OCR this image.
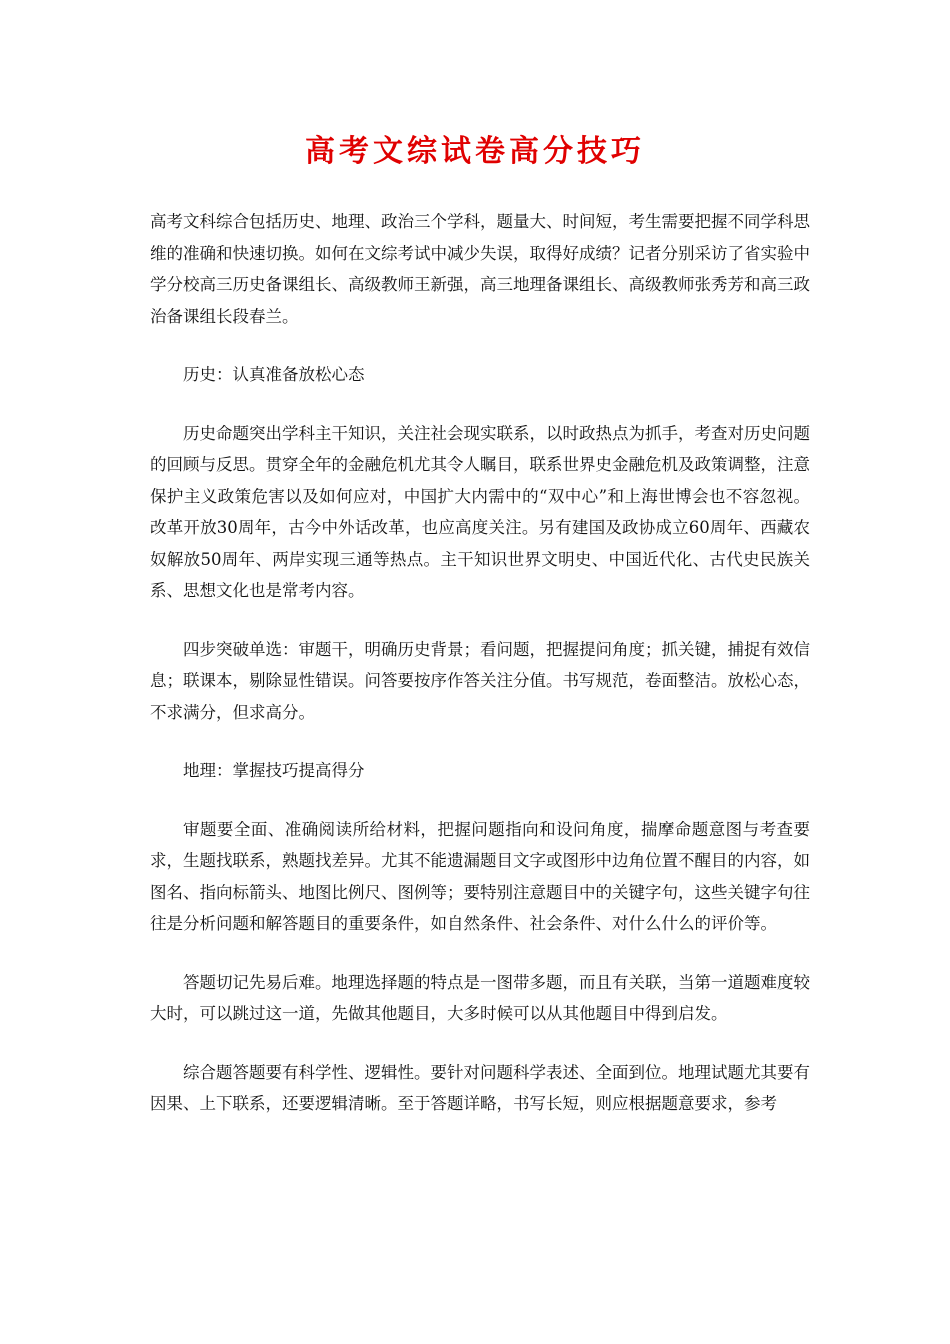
高考文综试卷高分技巧

高考文科综合包括历史、地理、政治三个学科，题量大、时间短，考生需要把握不同学科思维的准确和快速切换。如何在文综考试中减少失误，取得好成绩？记者分别采访了省实验中学分校高三历史备课组长、高级教师王新强，高三地理备课组长、高级教师张秀芳和高三政治备课组长段春兰。

历史：认真准备放松心态

历史命题突出学科主干知识，关注社会现实联系，以时政热点为抓手，考查对历史问题的回顾与反思。贯穿全年的金融危机尤其令人瞩目，联系世界史金融危机及政策调整，注意保护主义政策危害以及如何应对，中国扩大内需中的“双中心”和上海世博会也不容忽视。改革开放30周年，古今中外话改革，也应高度关注。另有建国及政协成立60周年、西藏农奴解放50周年、两岸实现三通等热点。主干知识世界文明史、中国近代化、古代史民族关系、思想文化也是常考内容。

四步突破单选：审题干，明确历史背景；看问题，把握提问角度；抓关键，捕捉有效信息；联课本，剔除显性错误。问答要按序作答关注分值。书写规范，卷面整洁。放松心态，不求满分，但求高分。

地理：掌握技巧提高得分

审题要全面、准确阅读所给材料，把握问题指向和设问角度，揣摩命题意图与考查要求，生题找联系，熟题找差异。尤其不能遗漏题目文字或图形中边角位置不醒目的内容，如图名、指向标箭头、地图比例尺、图例等；要特别注意题目中的关键字句，这些关键字句往往是分析问题和解答题目的重要条件，如自然条件、社会条件、对什么什么的评价等。

答题切记先易后难。地理选择题的特点是一图带多题，而且有关联，当第一道题难度较大时，可以跳过这一道，先做其他题目，大多时候可以从其他题目中得到启发。

综合题答题要有科学性、逻辑性。要针对问题科学表述、全面到位。地理试题尤其要有因果、上下联系，还要逻辑清晰。至于答题详略，书写长短，则应根据题意要求，参考
